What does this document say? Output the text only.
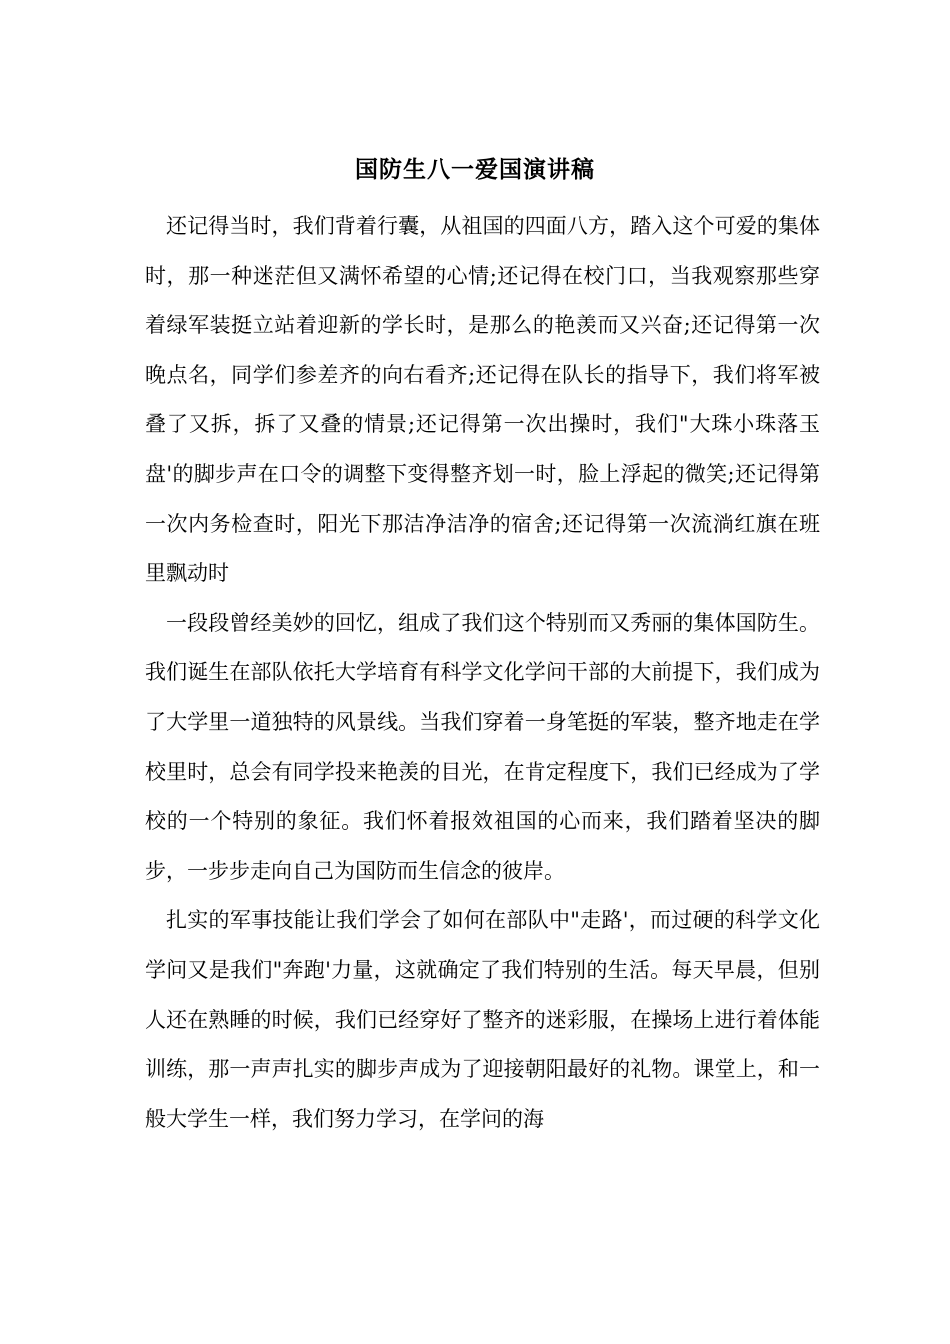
国防生八一爱国演讲稿

还记得当时，我们背着行囊，从祖国的四面八方，踏入这个可爱的集体时，那一种迷茫但又满怀希望的心情;还记得在校门口，当我观察那些穿着绿军装挺立站着迎新的学长时，是那么的艳羡而又兴奋;还记得第一次晚点名，同学们参差齐的向右看齐;还记得在队长的指导下，我们将军被叠了又拆，拆了又叠的情景;还记得第一次出操时，我们"大珠小珠落玉盘'的脚步声在口令的调整下变得整齐划一时，脸上浮起的微笑;还记得第一次内务检查时，阳光下那洁净洁净的宿舍;还记得第一次流淌红旗在班里飘动时

一段段曾经美妙的回忆，组成了我们这个特别而又秀丽的集体国防生。我们诞生在部队依托大学培育有科学文化学问干部的大前提下，我们成为了大学里一道独特的风景线。当我们穿着一身笔挺的军装，整齐地走在学校里时，总会有同学投来艳羡的目光，在肯定程度下，我们已经成为了学校的一个特别的象征。我们怀着报效祖国的心而来，我们踏着坚决的脚步，一步步走向自己为国防而生信念的彼岸。

扎实的军事技能让我们学会了如何在部队中"走路'，而过硬的科学文化学问又是我们"奔跑'力量，这就确定了我们特别的生活。每天早晨，但别人还在熟睡的时候，我们已经穿好了整齐的迷彩服，在操场上进行着体能训练，那一声声扎实的脚步声成为了迎接朝阳最好的礼物。课堂上，和一般大学生一样，我们努力学习，在学问的海
